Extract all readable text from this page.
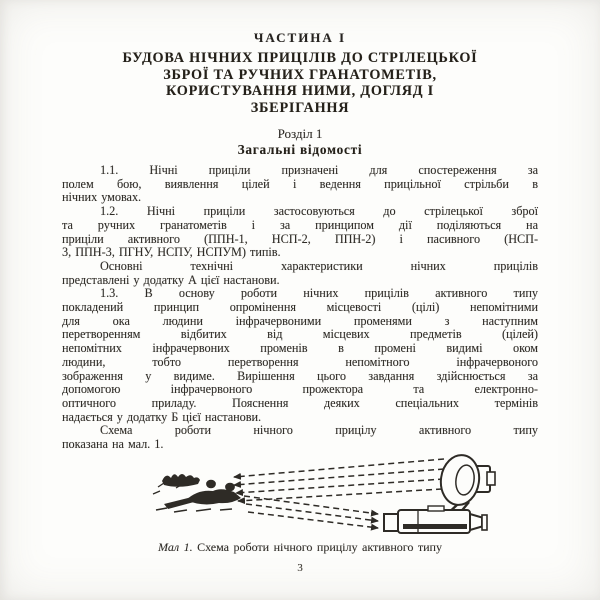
ЧАСТИНА І
БУДОВА НІЧНИХ ПРИЦІЛІВ ДО СТРІЛЕЦЬКОЇ
ЗБРОЇ ТА РУЧНИХ ГРАНАТОМЕТІВ,
КОРИСТУВАННЯ НИМИ, ДОГЛЯД І
ЗБЕРІГАННЯ
Розділ 1
Загальні відомості

1.1. Нічні приціли призначені для спостереження за
полем бою, виявлення цілей і ведення прицільної стрільби в
нічних умовах.

1.2. Нічні приціли застосовуються до стрілецької зброї
та ручних гранатометів і за принципом дії поділяються на
приціли активного (ППН-1, НСП-2, ППН-2) і пасивного (НСП-
3, ППН-3, ПГНУ, НСПУ, НСПУМ) типів.

Основні технічні характеристики нічних прицілів
представлені у додатку А цієї настанови.

1.3. В основу роботи нічних прицілів активного типу
покладений принцип опромінення місцевості (цілі) непомітними
для ока людини інфрачервоними променями з наступним
перетворенням відбитих від місцевих предметів (цілей)
непомітних інфрачервоних променів в промені видимі оком
людини, тобто перетворення непомітного інфрачервоного
зображення у видиме. Вирішення цього завдання здійснюється за
допомогою інфрачервоного прожектора та електронно-
оптичного приладу. Пояснення деяких спеціальних термінів
надається у додатку Б цієї настанови.

Схема роботи нічного прицілу активного типу
показана на мал. 1.

Мал 1. Схема роботи нічного прицілу активного типу
3
